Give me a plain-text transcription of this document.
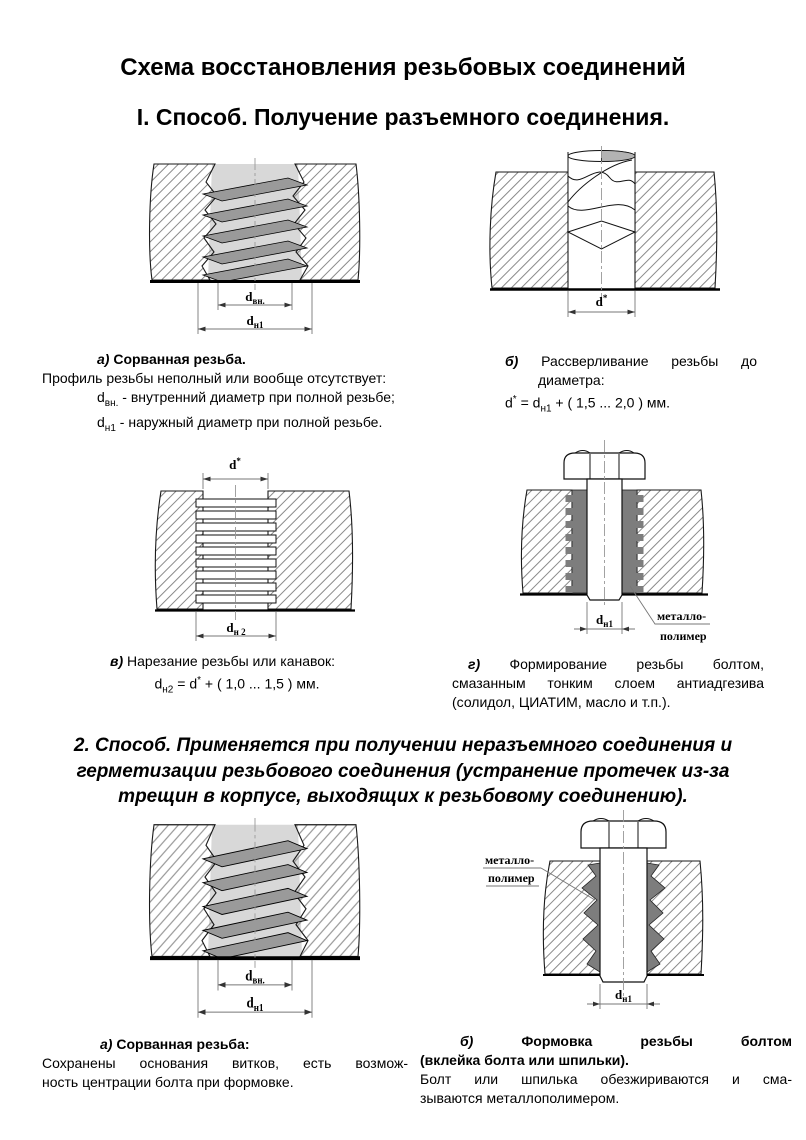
Схема восстановления резьбовых соединений
I. Способ. Получение разъемного соединения.
$d_{вн.}$
$d_{н1}$
d*
а) Сорванная резьба.
Профиль резьбы неполный или вообще отсутствует:
$d_{вн.}$ - внутренний диаметр при полной резьбе;
$d_{н1}$ - наружный диаметр при полной резьбе.
б) Рассверливание резьбы до
диаметра:
$d^* = d_{н1}$ + ( 1,5 ... 2,0 ) мм.
d*
$d_{н 2}$
$d_{н1}$
металло-
полимер
в) Нарезание резьбы или канавок:
$d_{н2} = d^*$ + ( 1,0 ... 1,5 ) мм.
г) Формирование резьбы болтом,
смазанным тонким слоем антиадгезива
(солидол, ЦИАТИМ, масло и т.п.).
2. Способ. Применяется при получении неразъемного соединения и
герметизации резьбового соединения (устранение протечек из-за
трещин в корпусе, выходящих к резьбовому соединению).
$d_{вн.}$
$d_{н1}$
металло-
полимер
$d_{н1}$
а) Сорванная резьба:
Сохранены основания витков, есть возмож-
ность центрации болта при формовке.
б) Формовка резьбы болтом
(вклейка болта или шпильки).
Болт или шпилька обезжириваются и сма-
зываются металлополимером.
